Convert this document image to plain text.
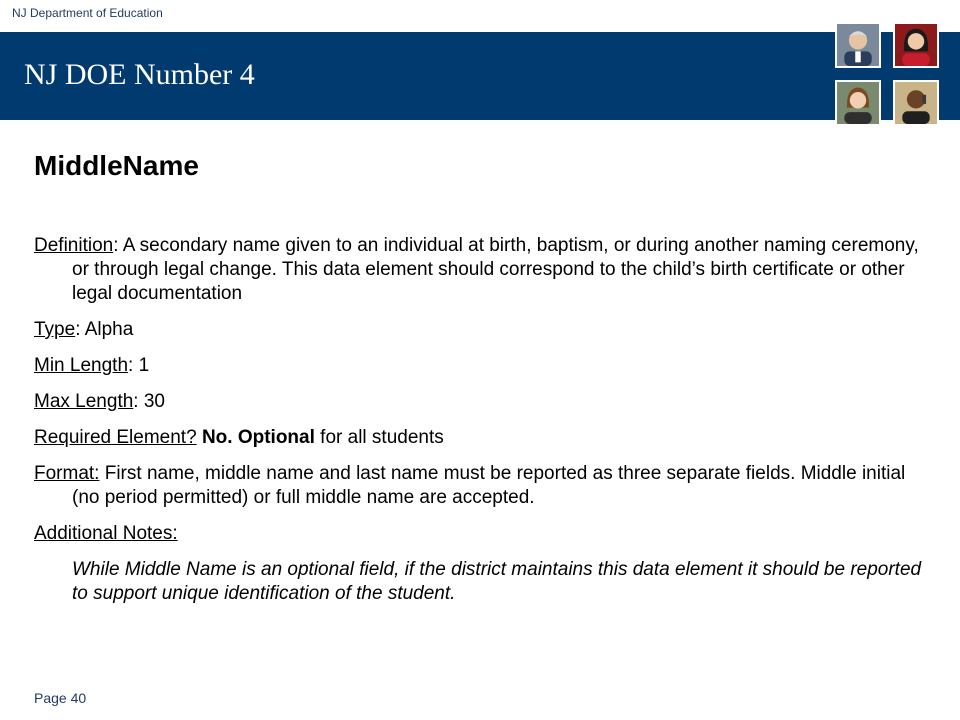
NJ Department of Education
NJ DOE Number 4
MiddleName

Definition: A secondary name given to an individual at birth, baptism, or during another naming ceremony, or through legal change. This data element should correspond to the child’s birth certificate or other legal documentation

Type: Alpha

Min Length: 1

Max Length: 30

Required Element? No. Optional for all students

Format: First name, middle name and last name must be reported as three separate fields. Middle initial (no period permitted) or full middle name are accepted.

Additional Notes:

While Middle Name is an optional field, if the district maintains this data element it should be reported to support unique identification of the student.

Page 40
